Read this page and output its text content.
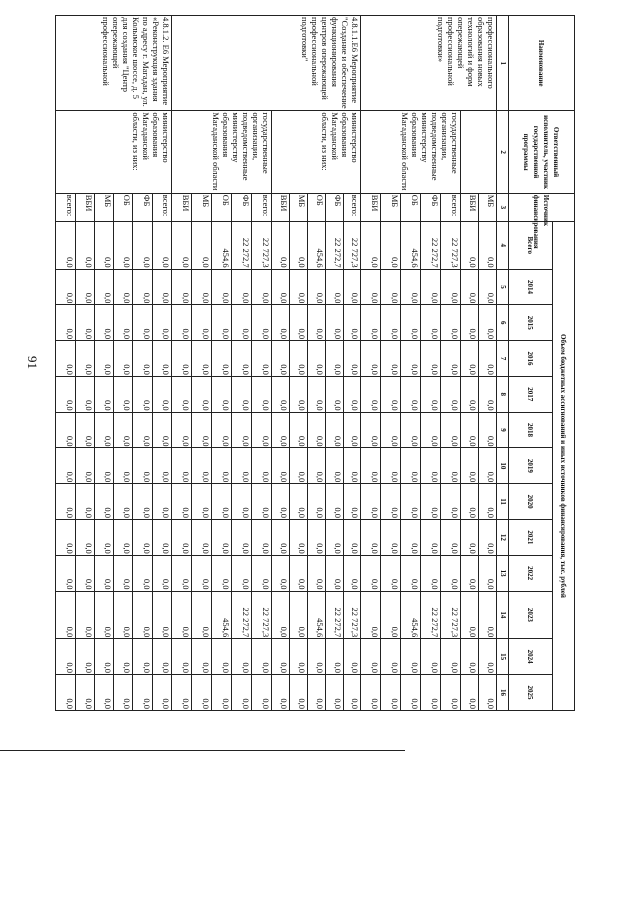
91
Наименование	Ответственный исполнитель, участник государственной программы	Источник финансирования	Объем бюджетных ассигнований и иных источников финансирования, тыс. рублей												
			Всего	2014	2015	2016	2017	2018	2019	2020	2021	2022	2023	2024	2025
1	2	3	4	5	6	7	8	9	10	11	12	13	14	15	16
профессионального образования новых технологий и форм опережающей профессиональной подготовки»		МБ	0,0	0,0	0,0	0,0	0,0	0,0	0,0	0,0	0,0	0,0	0,0	0,0	0,0
		ВБИ	0,0	0,0	0,0	0,0	0,0	0,0	0,0	0,0	0,0	0,0	0,0	0,0	0,0
	государственные организации, подведомственные министерству образования Магаданской области	всего:	22 727,3	0,0	0,0	0,0	0,0	0,0	0,0	0,0	0,0	0,0	22 727,3	0,0	0,0
		ФБ	22 272,7	0,0	0,0	0,0	0,0	0,0	0,0	0,0	0,0	0,0	22 272,7	0,0	0,0
		ОБ	454,6	0,0	0,0	0,0	0,0	0,0	0,0	0,0	0,0	0,0	454,6	0,0	0,0
		МБ	0,0	0,0	0,0	0,0	0,0	0,0	0,0	0,0	0,0	0,0	0,0	0,0	0,0
		ВБИ	0,0	0,0	0,0	0,0	0,0	0,0	0,0	0,0	0,0	0,0	0,0	0,0	0,0
4.8.1.1.Е6 Мероприятие "Создание и обеспечение функционирования центров опережающей профессиональной подготовки"	министерство образования Магаданской области, из них:	всего:	22 727,3	0,0	0,0	0,0	0,0	0,0	0,0	0,0	0,0	0,0	22 727,3	0,0	0,0
		ФБ	22 272,7	0,0	0,0	0,0	0,0	0,0	0,0	0,0	0,0	0,0	22 272,7	0,0	0,0
		ОБ	454,6	0,0	0,0	0,0	0,0	0,0	0,0	0,0	0,0	0,0	454,6	0,0	0,0
		МБ	0,0	0,0	0,0	0,0	0,0	0,0	0,0	0,0	0,0	0,0	0,0	0,0	0,0
		ВБИ	0,0	0,0	0,0	0,0	0,0	0,0	0,0	0,0	0,0	0,0	0,0	0,0	0,0
	государственные организации, подведомственные министерству образования Магаданской области	всего:	22 727,3	0,0	0,0	0,0	0,0	0,0	0,0	0,0	0,0	0,0	22 727,3	0,0	0,0
		ФБ	22 272,7	0,0	0,0	0,0	0,0	0,0	0,0	0,0	0,0	0,0	22 272,7	0,0	0,0
		ОБ	454,6	0,0	0,0	0,0	0,0	0,0	0,0	0,0	0,0	0,0	454,6	0,0	0,0
		МБ	0,0	0,0	0,0	0,0	0,0	0,0	0,0	0,0	0,0	0,0	0,0	0,0	0,0
		ВБИ	0,0	0,0	0,0	0,0	0,0	0,0	0,0	0,0	0,0	0,0	0,0	0,0	0,0
4.8.1.2. Е6 Мероприятие «Реконструкция здания по адресу г. Магадан, ул. Колымское шоссе, д. 5 для создания "Центр опережающей профессиональной	министерство образования Магаданской области, из них:	всего:	0,0	0,0	0,0	0,0	0,0	0,0	0,0	0,0	0,0	0,0	0,0	0,0	0,0
		ФБ	0,0	0,0	0,0	0,0	0,0	0,0	0,0	0,0	0,0	0,0	0,0	0,0	0,0
		ОБ	0,0	0,0	0,0	0,0	0,0	0,0	0,0	0,0	0,0	0,0	0,0	0,0	0,0
		МБ	0,0	0,0	0,0	0,0	0,0	0,0	0,0	0,0	0,0	0,0	0,0	0,0	0,0
		ВБИ	0,0	0,0	0,0	0,0	0,0	0,0	0,0	0,0	0,0	0,0	0,0	0,0	0,0
		всего:	0,0	0,0	0,0	0,0	0,0	0,0	0,0	0,0	0,0	0,0	0,0	0,0	0,0
